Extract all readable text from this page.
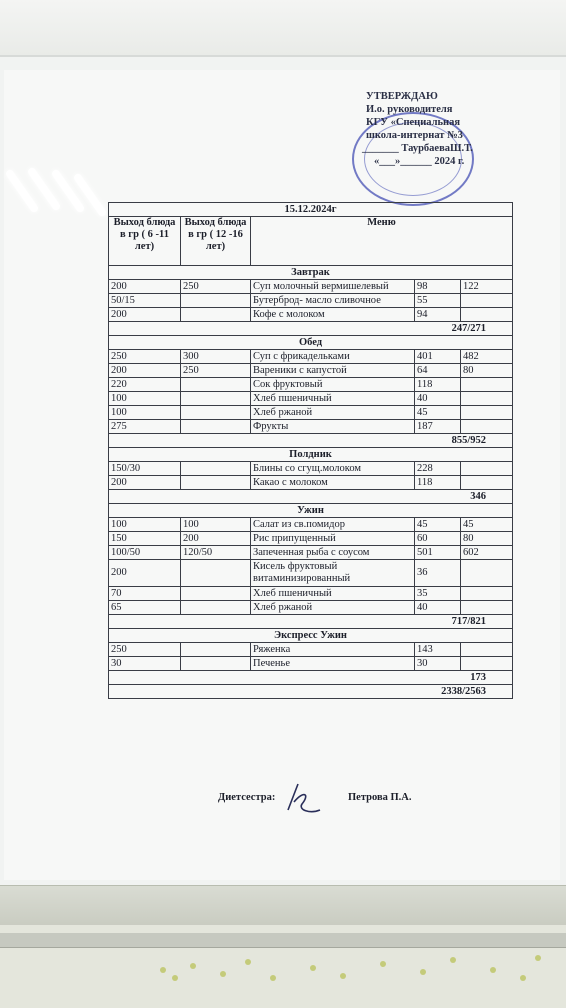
УТВЕРЖДАЮ
И.о. руководителя
КГУ «Специальная
школа-интернат №3
_______ ТаурбаеваШ.Т.
«___»______ 2024 г.
15.12.2024г				
Выход блюда в гр ( 6 -11 лет)	Выход блюда в гр ( 12 -16 лет)	Меню		
Завтрак				
200	250	Суп молочный вермишелевый	98	122
50/15		Бутерброд- масло сливочное	55	
200		Кофе с молоком	94	
247/271				
Обед				
250	300	Суп с фрикадельками	401	482
200	250	Вареники с капустой	64	80
220		Сок фруктовый	118	
100		Хлеб пшеничный	40	
100		Хлеб ржаной	45	
275		Фрукты	187	
855/952				
Полдник				
150/30		Блины со сгущ.молоком	228	
200		Какао с молоком	118	
346				
Ужин				
100	100	Салат из св.помидор	45	45
150	200	Рис припущенный	60	80
100/50	120/50	Запеченная рыба с соусом	501	602
200		Кисель фруктовый витаминизированный	36	
70		Хлеб пшеничный	35	
65		Хлеб ржаной	40	
717/821				
Экспресс Ужин				
250		Ряженка	143	
30		Печенье	30	
173				
2338/2563				
Диетсестра:	Петрова П.А.
